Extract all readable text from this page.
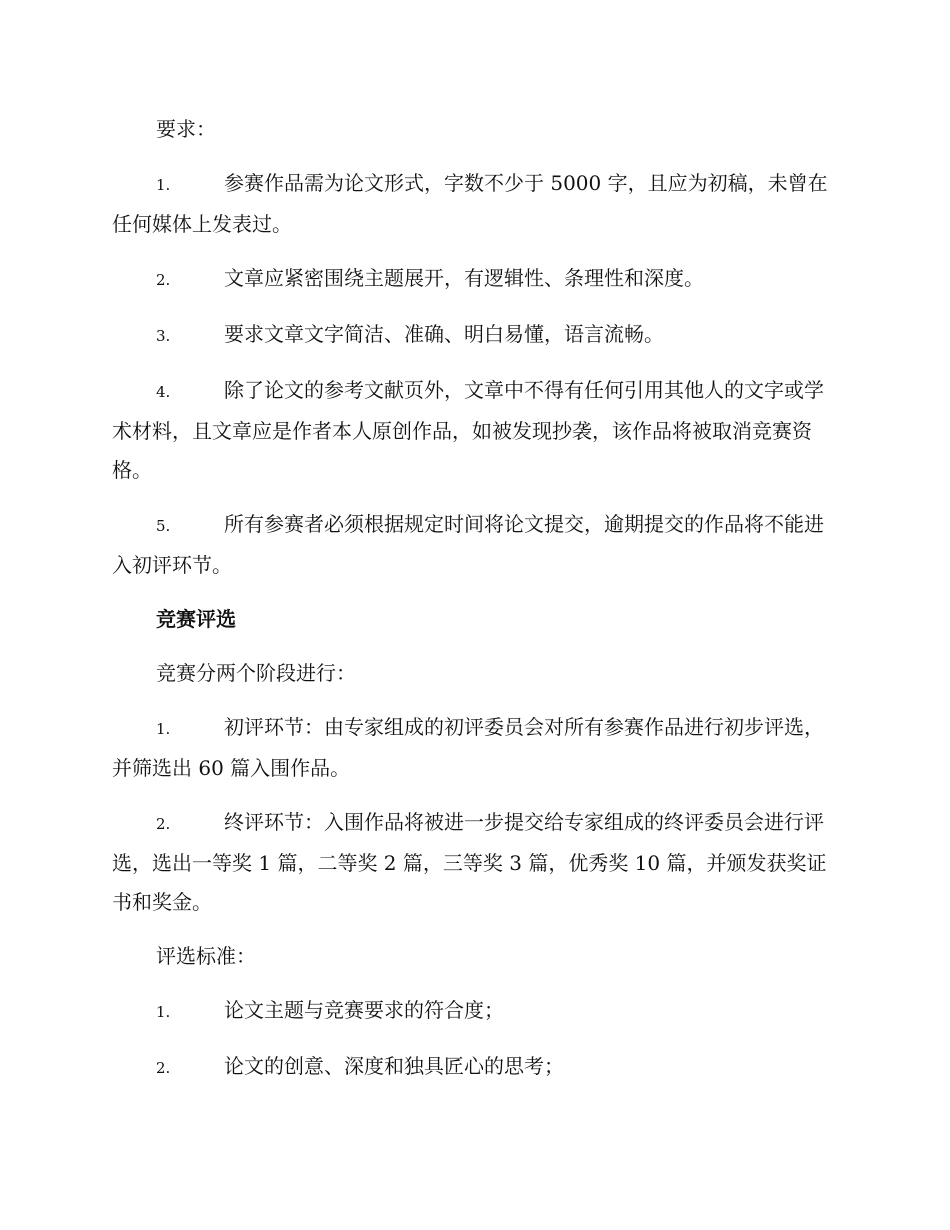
要求：

1.	参赛作品需为论文形式，字数不少于 5000 字，且应为初稿，未曾在任何媒体上发表过。

2.	文章应紧密围绕主题展开，有逻辑性、条理性和深度。

3.	要求文章文字简洁、准确、明白易懂，语言流畅。

4.	除了论文的参考文献页外，文章中不得有任何引用其他人的文字或学术材料，且文章应是作者本人原创作品，如被发现抄袭，该作品将被取消竞赛资格。

5.	所有参赛者必须根据规定时间将论文提交，逾期提交的作品将不能进入初评环节。

竞赛评选

竞赛分两个阶段进行：

1.	初评环节：由专家组成的初评委员会对所有参赛作品进行初步评选，并筛选出 60 篇入围作品。

2.	终评环节：入围作品将被进一步提交给专家组成的终评委员会进行评选，选出一等奖 1 篇，二等奖 2 篇，三等奖 3 篇，优秀奖 10 篇，并颁发获奖证书和奖金。

评选标准：

1.	论文主题与竞赛要求的符合度；

2.	论文的创意、深度和独具匠心的思考；
